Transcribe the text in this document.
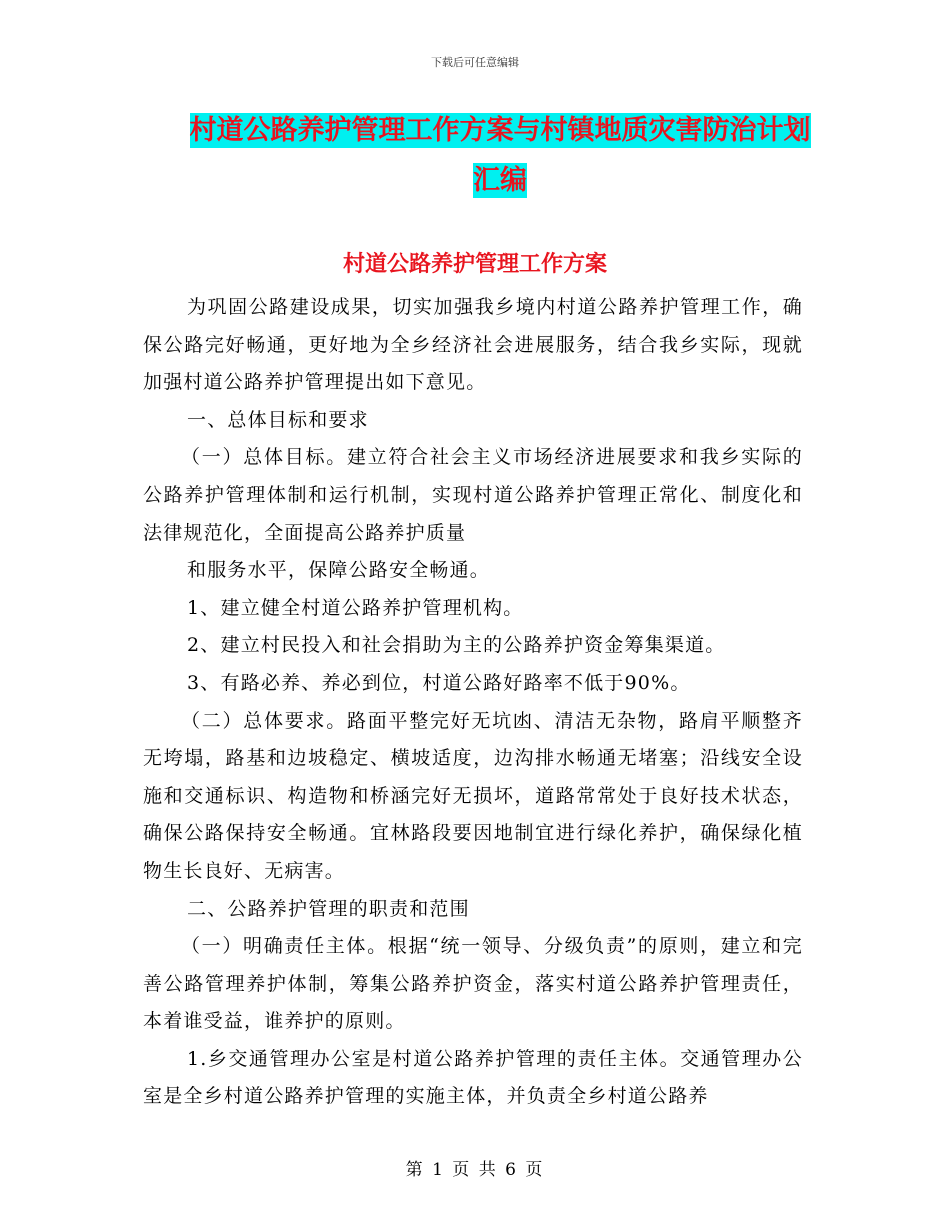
下载后可任意编辑
村道公路养护管理工作方案与村镇地质灾害防治计划
汇编
村道公路养护管理工作方案

为巩固公路建设成果，切实加强我乡境内村道公路养护管理工作，确保公路完好畅通，更好地为全乡经济社会进展服务，结合我乡实际，现就加强村道公路养护管理提出如下意见。

一、总体目标和要求

（一）总体目标。建立符合社会主义市场经济进展要求和我乡实际的公路养护管理体制和运行机制，实现村道公路养护管理正常化、制度化和法律规范化，全面提高公路养护质量

和服务水平，保障公路安全畅通。

1、建立健全村道公路养护管理机构。

2、建立村民投入和社会捐助为主的公路养护资金筹集渠道。

3、有路必养、养必到位，村道公路好路率不低于90%。

（二）总体要求。路面平整完好无坑凼、清洁无杂物，路肩平顺整齐无垮塌，路基和边坡稳定、横坡适度，边沟排水畅通无堵塞；沿线安全设施和交通标识、构造物和桥涵完好无损坏，道路常常处于良好技术状态，确保公路保持安全畅通。宜林路段要因地制宜进行绿化养护，确保绿化植物生长良好、无病害。

二、公路养护管理的职责和范围

（一）明确责任主体。根据“统一领导、分级负责”的原则，建立和完善公路管理养护体制，筹集公路养护资金，落实村道公路养护管理责任，本着谁受益，谁养护的原则。

1.乡交通管理办公室是村道公路养护管理的责任主体。交通管理办公室是全乡村道公路养护管理的实施主体，并负责全乡村道公路养

第 1 页 共 6 页
